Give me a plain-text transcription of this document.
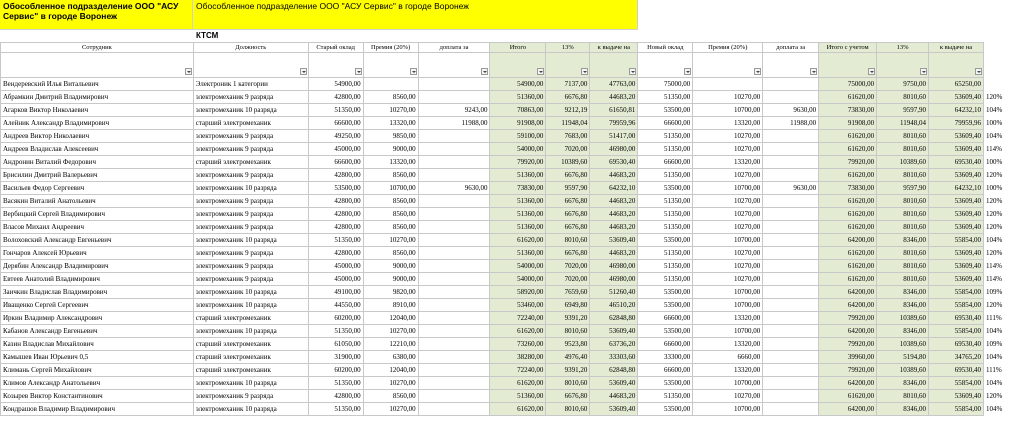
Обособленное подразделение ООО "АСУ Сервис" в городе Воронеж
Обособленное подразделение ООО "АСУ Сервис" в городе Воронеж
КТСМ
Сотрудник	Должность	Старый оклад	Премия (20%)	доплата за	Итого	13%	к выдаче на	Новый оклад	Премия (20%)	доплата за	Итого с учетом	13%	к выдаче на	

Вендеревский Илья Витальевич	Электроник 1 категории	54900,00			54900,00	7137,00	47763,00	75000,00			75000,00	9750,00	65250,00	
Абрамкин Дмитрий Владимирович	электромеханик 9 разряда	42800,00	8560,00		51360,00	6676,80	44683,20	51350,00	10270,00		61620,00	8010,60	53609,40	120%
Агарков Виктор Николаевич	электромеханик 10 разряда	51350,00	10270,00	9243,00	70863,00	9212,19	61650,81	53500,00	10700,00	9630,00	73830,00	9597,90	64232,10	104%
Алейник Александр Владимирович	старший электромеханик	66600,00	13320,00	11988,00	91908,00	11948,04	79959,96	66600,00	13320,00	11988,00	91908,00	11948,04	79959,96	100%
Андреев Виктор Николаевич	электромеханик 9 разряда	49250,00	9850,00		59100,00	7683,00	51417,00	51350,00	10270,00		61620,00	8010,60	53609,40	104%
Андреев Владислав Алексеевич	электромеханик 9 разряда	45000,00	9000,00		54000,00	7020,00	46980,00	51350,00	10270,00		61620,00	8010,60	53609,40	114%
Андронин Виталий Федорович	старший электромеханик	66600,00	13320,00		79920,00	10389,60	69530,40	66600,00	13320,00		79920,00	10389,60	69530,40	100%
Брисилин Дмитрий Валерьевич	электромеханик 9 разряда	42800,00	8560,00		51360,00	6676,80	44683,20	51350,00	10270,00		61620,00	8010,60	53609,40	120%
Васильев Федор Сергеевич	электромеханик 10 разряда	53500,00	10700,00	9630,00	73830,00	9597,90	64232,10	53500,00	10700,00	9630,00	73830,00	9597,90	64232,10	100%
Васякин Виталий Анатольевич	электромеханик 9 разряда	42800,00	8560,00		51360,00	6676,80	44683,20	51350,00	10270,00		61620,00	8010,60	53609,40	120%
Вербицкий Сергей Владимирович	электромеханик 9 разряда	42800,00	8560,00		51360,00	6676,80	44683,20	51350,00	10270,00		61620,00	8010,60	53609,40	120%
Власов Михаил Андреевич	электромеханик 9 разряда	42800,00	8560,00		51360,00	6676,80	44683,20	51350,00	10270,00		61620,00	8010,60	53609,40	120%
Волоховский Александр Евгеньевич	электромеханик 10 разряда	51350,00	10270,00		61620,00	8010,60	53609,40	53500,00	10700,00		64200,00	8346,00	55854,00	104%
Гончаров Алексей Юрьевич	электромеханик 9 разряда	42800,00	8560,00		51360,00	6676,80	44683,20	51350,00	10270,00		61620,00	8010,60	53609,40	120%
Дерябин Александр Владимирович	электромеханик 9 разряда	45000,00	9000,00		54000,00	7020,00	46980,00	51350,00	10270,00		61620,00	8010,60	53609,40	114%
Евтеев Анатолий Владимирович	электромеханик 9 разряда	45000,00	9000,00		54000,00	7020,00	46980,00	51350,00	10270,00		61620,00	8010,60	53609,40	114%
Заичкин Владислав Владимирович	электромеханик 10 разряда	49100,00	9820,00		58920,00	7659,60	51260,40	53500,00	10700,00		64200,00	8346,00	55854,00	109%
Иващенко Сергей Сергеевич	электромеханик 10 разряда	44550,00	8910,00		53460,00	6949,80	46510,20	53500,00	10700,00		64200,00	8346,00	55854,00	120%
Иркин Владимир Александрович	старший электромеханик	60200,00	12040,00		72240,00	9391,20	62848,80	66600,00	13320,00		79920,00	10389,60	69530,40	111%
Кабанов Александр Евгеньевич	электромеханик 10 разряда	51350,00	10270,00		61620,00	8010,60	53609,40	53500,00	10700,00		64200,00	8346,00	55854,00	104%
Казин Владислав Михайлович	старший электромеханик	61050,00	12210,00		73260,00	9523,80	63736,20	66600,00	13320,00		79920,00	10389,60	69530,40	109%
Камышев Иван Юрьевич 0,5	старший электромеханик	31900,00	6380,00		38280,00	4976,40	33303,60	33300,00	6660,00		39960,00	5194,80	34765,20	104%
Климань Сергей Михайлович	старший электромеханик	60200,00	12040,00		72240,00	9391,20	62848,80	66600,00	13320,00		79920,00	10389,60	69530,40	111%
Климов Александр Анатольевич	электромеханик 10 разряда	51350,00	10270,00		61620,00	8010,60	53609,40	53500,00	10700,00		64200,00	8346,00	55854,00	104%
Козырев Виктор Константинович	электромеханик 9 разряда	42800,00	8560,00		51360,00	6676,80	44683,20	51350,00	10270,00		61620,00	8010,60	53609,40	120%
Кондрашов Владимир Владимирович	электромеханик 10 разряда	51350,00	10270,00		61620,00	8010,60	53609,40	53500,00	10700,00		64200,00	8346,00	55854,00	104%
